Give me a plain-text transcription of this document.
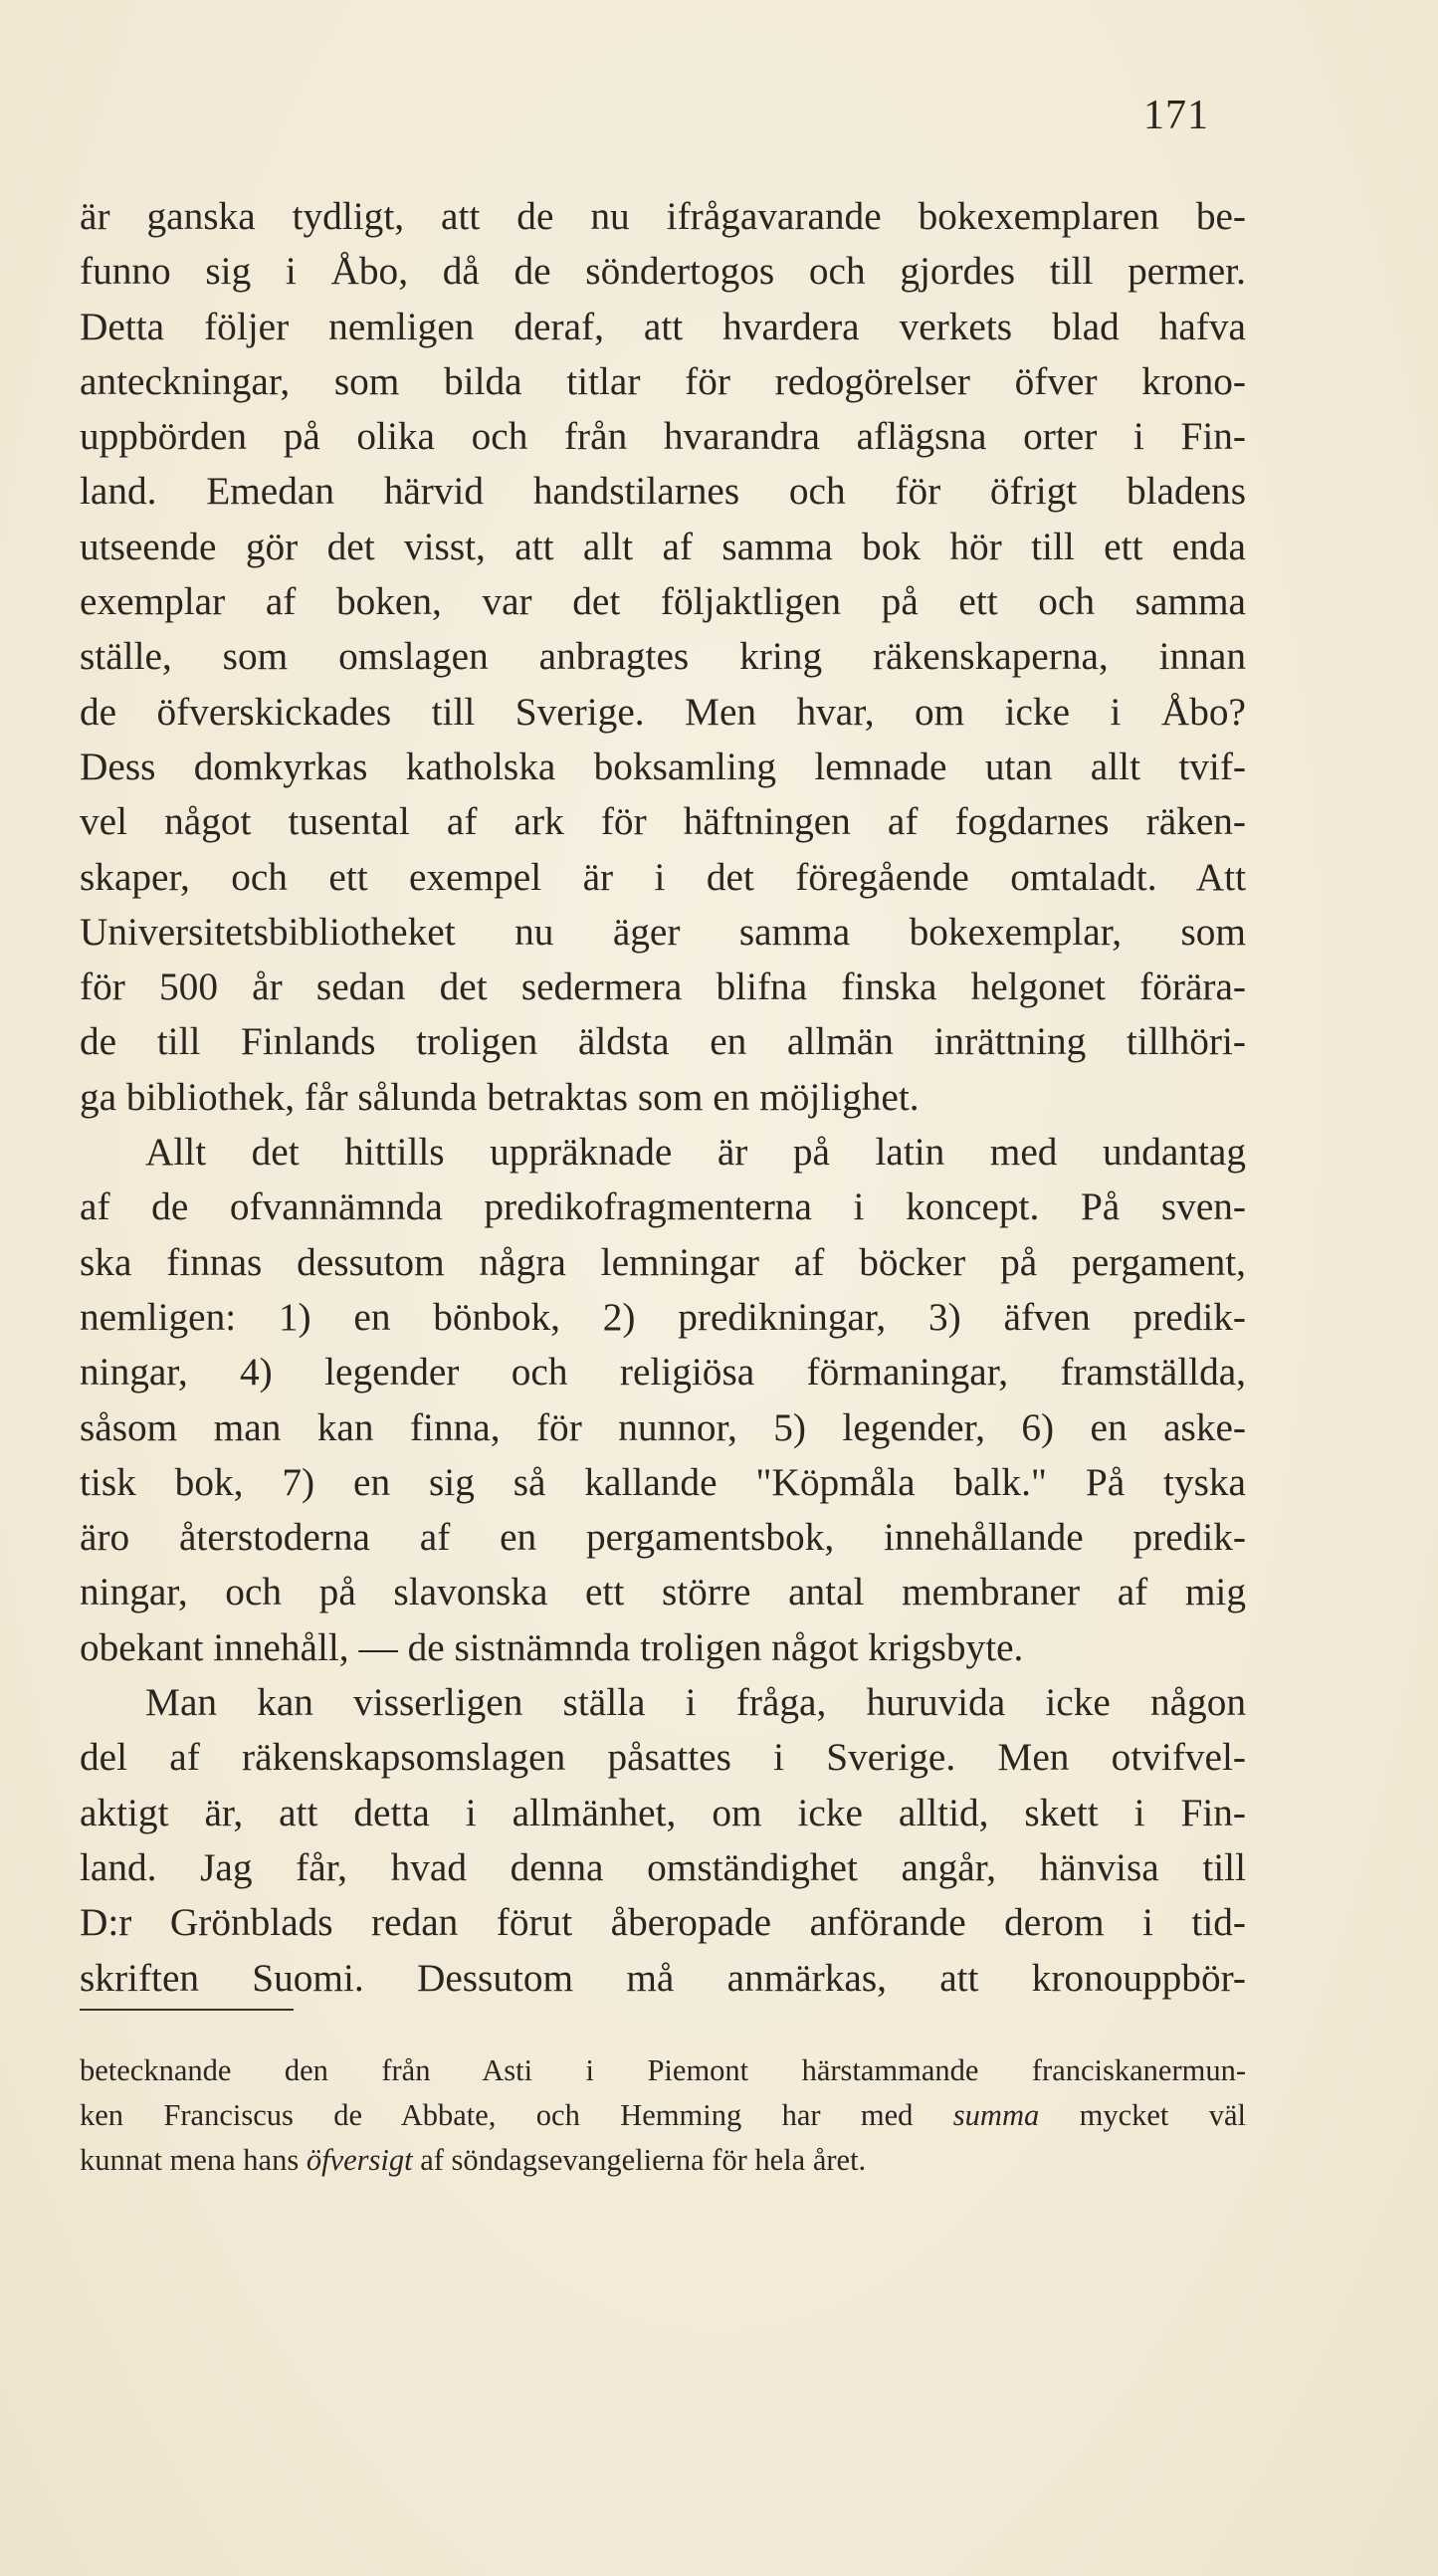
171
är ganska tydligt, att de nu ifrågavarande bokexemplaren be-
funno sig i Åbo, då de söndertogos och gjordes till permer.
Detta följer nemligen deraf, att hvardera verkets blad hafva
anteckningar, som bilda titlar för redogörelser öfver krono-
uppbörden på olika och från hvarandra aflägsna orter i Fin-
land. Emedan härvid handstilarnes och för öfrigt bladens
utseende gör det visst, att allt af samma bok hör till ett enda
exemplar af boken, var det följaktligen på ett och samma
ställe, som omslagen anbragtes kring räkenskaperna, innan
de öfverskickades till Sverige. Men hvar, om icke i Åbo?
Dess domkyrkas katholska boksamling lemnade utan allt tvif-
vel något tusental af ark för häftningen af fogdarnes räken-
skaper, och ett exempel är i det föregående omtaladt. Att
Universitetsbibliotheket nu äger samma bokexemplar, som
för 500 år sedan det sedermera blifna finska helgonet förära-
de till Finlands troligen äldsta en allmän inrättning tillhöri-
ga bibliothek, får sålunda betraktas som en möjlighet.
Allt det hittills uppräknade är på latin med undantag
af de ofvannämnda predikofragmenterna i koncept. På sven-
ska finnas dessutom några lemningar af böcker på pergament,
nemligen: 1) en bönbok, 2) predikningar, 3) äfven predik-
ningar, 4) legender och religiösa förmaningar, framställda,
såsom man kan finna, för nunnor, 5) legender, 6) en aske-
tisk bok, 7) en sig så kallande "Köpmåla balk." På tyska
äro återstoderna af en pergamentsbok, innehållande predik-
ningar, och på slavonska ett större antal membraner af mig
obekant innehåll, — de sistnämnda troligen något krigsbyte.
Man kan visserligen ställa i fråga, huruvida icke någon
del af räkenskapsomslagen påsattes i Sverige. Men otvifvel-
aktigt är, att detta i allmänhet, om icke alltid, skett i Fin-
land. Jag får, hvad denna omständighet angår, hänvisa till
D:r Grönblads redan förut åberopade anförande derom i tid-
skriften Suomi. Dessutom må anmärkas, att kronouppbör-
betecknande den från Asti i Piemont härstammande franciskanermun-
ken Franciscus de Abbate, och Hemming har med summa mycket väl
kunnat mena hans öfversigt af söndagsevangelierna för hela året.
